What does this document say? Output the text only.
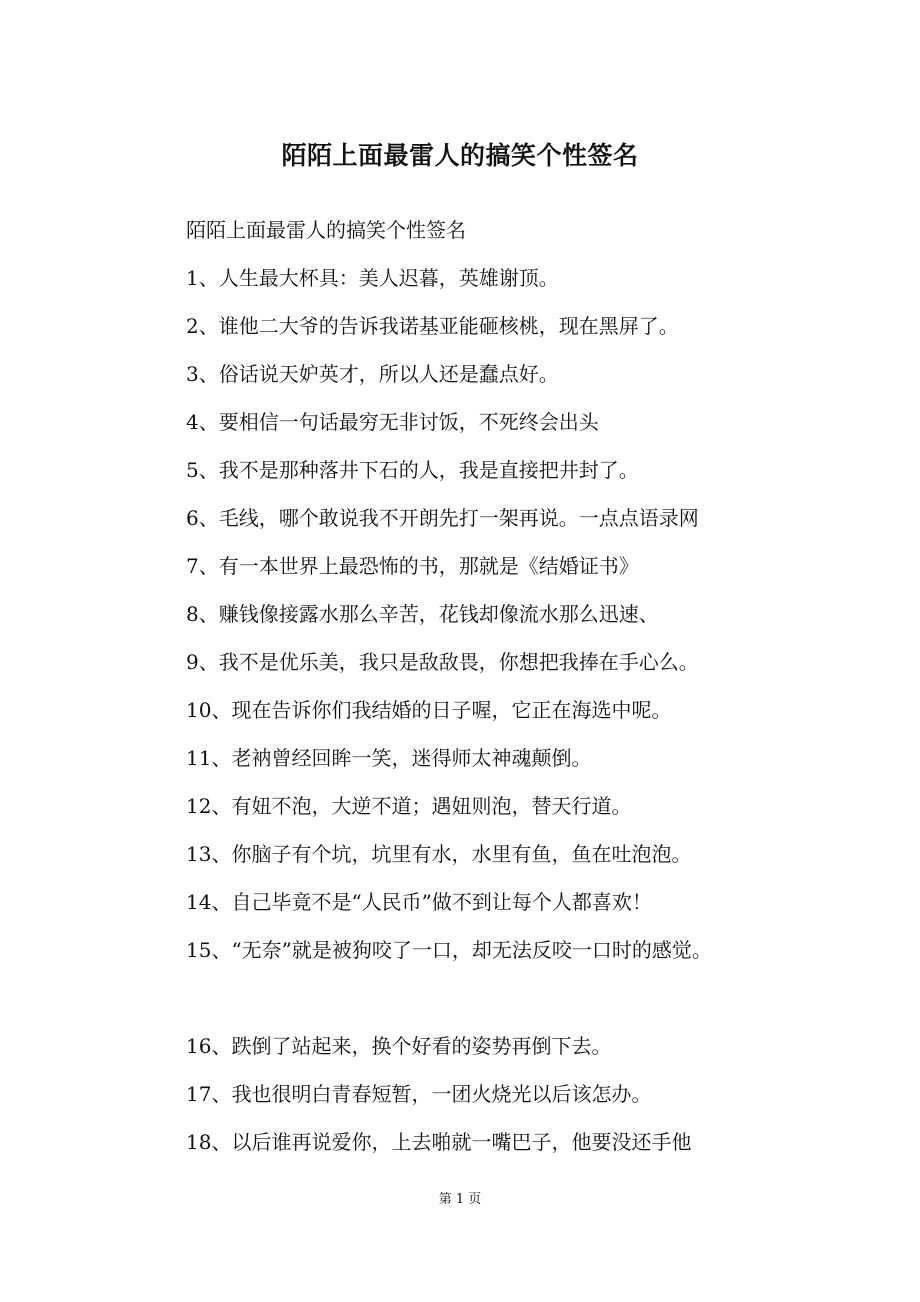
陌陌上面最雷人的搞笑个性签名
陌陌上面最雷人的搞笑个性签名
1、人生最大杯具：美人迟暮，英雄谢顶。
2、谁他二大爷的告诉我诺基亚能砸核桃，现在黑屏了。
3、俗话说天妒英才，所以人还是蠢点好。
4、要相信一句话最穷无非讨饭，不死终会出头
5、我不是那种落井下石的人，我是直接把井封了。
6、毛线，哪个敢说我不开朗先打一架再说。一点点语录网
7、有一本世界上最恐怖的书，那就是《结婚证书》
8、赚钱像接露水那么辛苦，花钱却像流水那么迅速、
9、我不是优乐美，我只是敌敌畏，你想把我捧在手心么。
10、现在告诉你们我结婚的日子喔，它正在海选中呢。
11、老衲曾经回眸一笑，迷得师太神魂颠倒。
12、有妞不泡，大逆不道；遇妞则泡，替天行道。
13、你脑子有个坑，坑里有水，水里有鱼，鱼在吐泡泡。
14、自己毕竟不是“人民币”做不到让每个人都喜欢！
15、“无奈”就是被狗咬了一口，却无法反咬一口时的感觉。
16、跌倒了站起来，换个好看的姿势再倒下去。
17、我也很明白青春短暂，一团火烧光以后该怎办。
18、以后谁再说爱你，上去啪就一嘴巴子，他要没还手他
第 1 页
